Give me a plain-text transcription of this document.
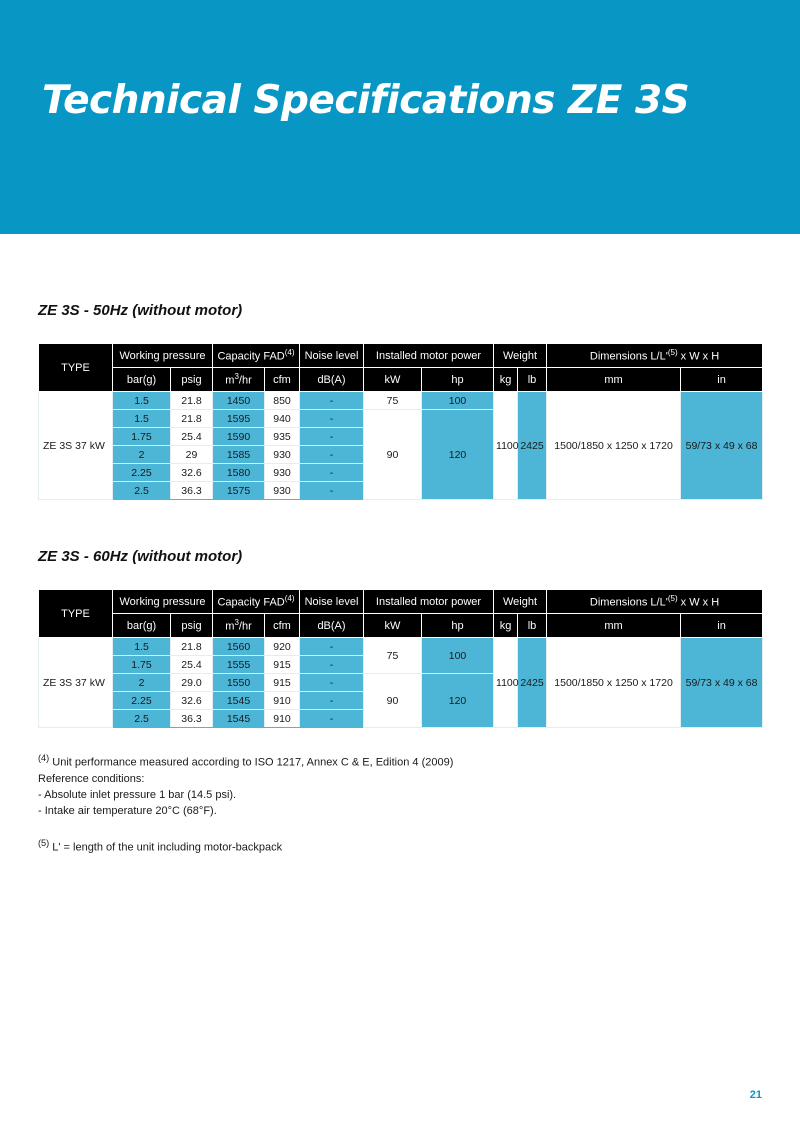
Technical Specifications ZE 3S
ZE 3S - 50Hz (without motor)
TYPE	Working pressure		Capacity FAD$^{(4)}$		Noise level	Installed motor power		Weight		Dimensions $L/L'^{(5)}$ x W x H	
	bar(g)	psig	$m^3/hr$	cfm	dB(A)	kW	hp	kg	lb	mm	in
ZE 3S 37 kW	1.5	21.8	1450	850	-	75	100	1100	2425	1500/1850 x 1250 x 1720	59/73 x 49 x 68
	1.5	21.8	1595	940	-	90	120				
	1.75	25.4	1590	935	-						
	2	29	1585	930	-						
	2.25	32.6	1580	930	-						
	2.5	36.3	1575	930	-						
ZE 3S - 60Hz (without motor)
TYPE	Working pressure		Capacity FAD$^{(4)}$		Noise level	Installed motor power		Weight		Dimensions $L/L'^{(5)}$ x W x H	
	bar(g)	psig	$m^3/hr$	cfm	dB(A)	kW	hp	kg	lb	mm	in
ZE 3S 37 kW	1.5	21.8	1560	920	-	75	100	1100	2425	1500/1850 x 1250 x 1720	59/73 x 49 x 68
	1.75	25.4	1555	915	-						
	2	29.0	1550	915	-	90	120				
	2.25	32.6	1545	910	-						
	2.5	36.3	1545	910	-						

$^{(4)}$ Unit performance measured according to ISO 1217, Annex C & E, Edition 4 (2009)

Reference conditions:

- Absolute inlet pressure 1 bar (14.5 psi).

- Intake air temperature 20°C (68°F).

$^{(5)}$ L' = length of the unit including motor-backpack

21
